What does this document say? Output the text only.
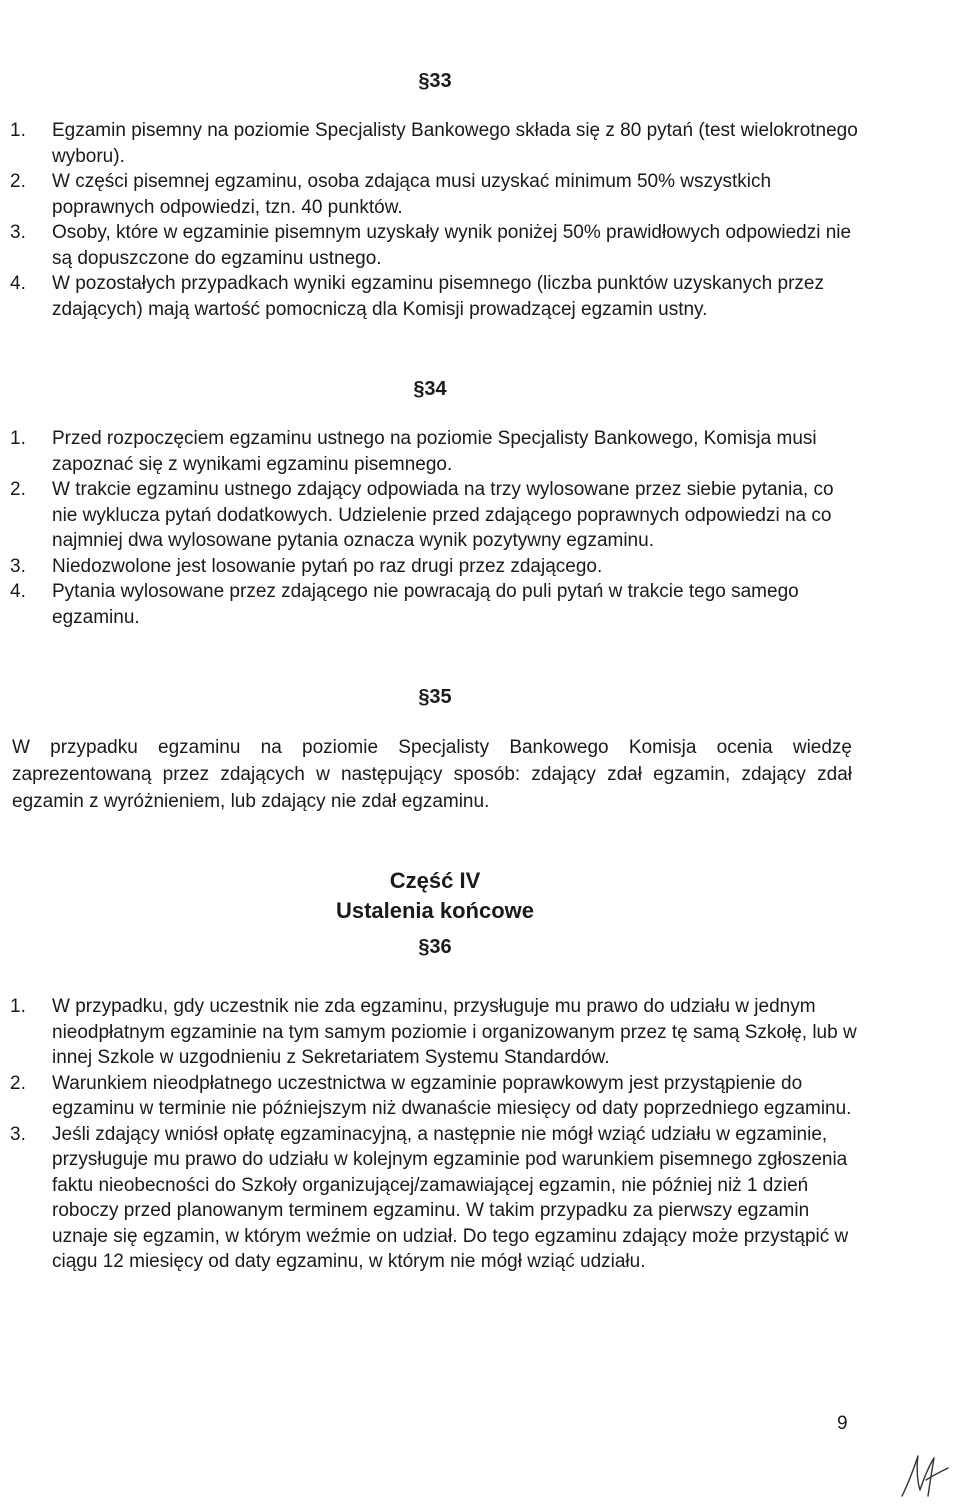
§33
1. Egzamin pisemny na poziomie Specjalisty Bankowego składa się z 80 pytań (test wielokrotnego wyboru).
2. W części pisemnej egzaminu, osoba zdająca musi uzyskać minimum 50% wszystkich poprawnych odpowiedzi, tzn. 40 punktów.
3. Osoby, które w egzaminie pisemnym uzyskały wynik poniżej 50% prawidłowych odpowiedzi nie są dopuszczone do egzaminu ustnego.
4. W pozostałych przypadkach wyniki egzaminu pisemnego (liczba punktów uzyskanych przez zdających) mają wartość pomocniczą dla Komisji prowadzącej egzamin ustny.
§34
1. Przed rozpoczęciem egzaminu ustnego na poziomie Specjalisty Bankowego, Komisja musi zapoznać się z wynikami egzaminu pisemnego.
2. W trakcie egzaminu ustnego zdający odpowiada na trzy wylosowane przez siebie pytania, co nie wyklucza pytań dodatkowych. Udzielenie przed zdającego poprawnych odpowiedzi na co najmniej dwa wylosowane pytania oznacza wynik pozytywny egzaminu.
3. Niedozwolone jest losowanie pytań po raz drugi przez zdającego.
4. Pytania wylosowane przez zdającego nie powracają do puli pytań w trakcie tego samego egzaminu.
§35

W przypadku egzaminu na poziomie Specjalisty Bankowego Komisja ocenia wiedzę zaprezentowaną przez zdających w następujący sposób: zdający zdał egzamin, zdający zdał egzamin z wyróżnieniem, lub zdający nie zdał egzaminu.

Część IV
Ustalenia końcowe
§36
1. W przypadku, gdy uczestnik nie zda egzaminu, przysługuje mu prawo do udziału w jednym nieodpłatnym egzaminie na tym samym poziomie i organizowanym przez tę samą Szkołę, lub w innej Szkole w uzgodnieniu z Sekretariatem Systemu Standardów.
2. Warunkiem nieodpłatnego uczestnictwa w egzaminie poprawkowym jest przystąpienie do egzaminu w terminie nie późniejszym niż dwanaście miesięcy od daty poprzedniego egzaminu.
3. Jeśli zdający wniósł opłatę egzaminacyjną, a następnie nie mógł wziąć udziału w egzaminie, przysługuje mu prawo do udziału w kolejnym egzaminie pod warunkiem pisemnego zgłoszenia faktu nieobecności do Szkoły organizującej/zamawiającej egzamin, nie później niż 1 dzień roboczy przed planowanym terminem egzaminu. W takim przypadku za pierwszy egzamin uznaje się egzamin, w którym weźmie on udział. Do tego egzaminu zdający może przystąpić w ciągu 12 miesięcy od daty egzaminu, w którym nie mógł wziąć udziału.

9
